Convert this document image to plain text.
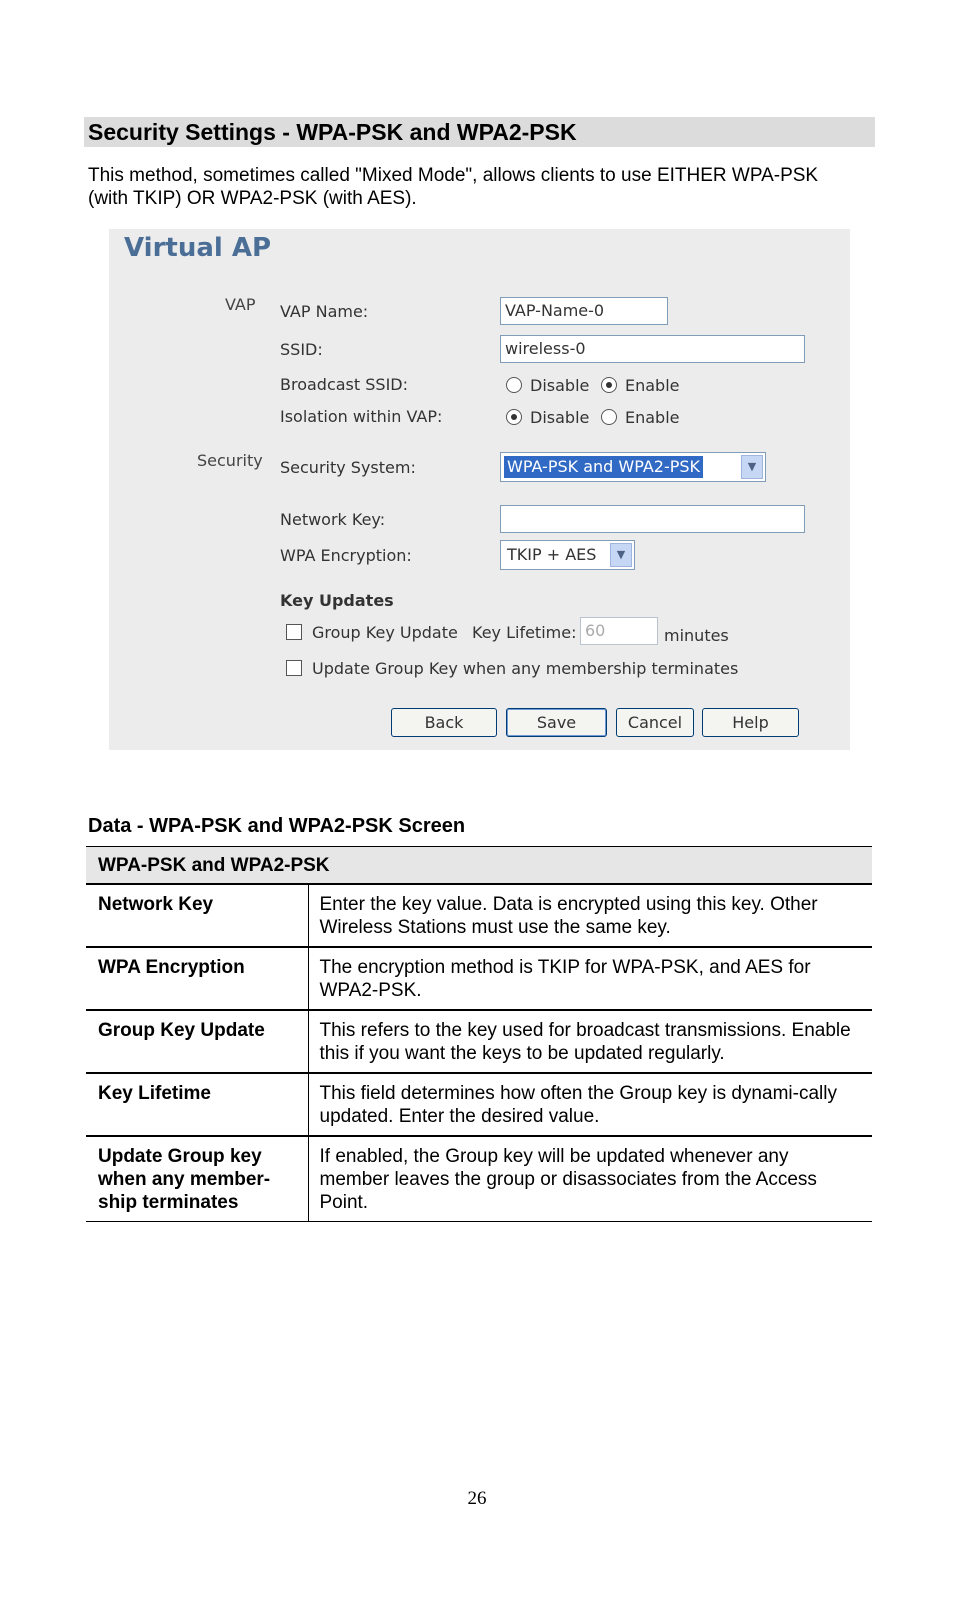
Security Settings - WPA-PSK and WPA2-PSK
This method, sometimes called "Mixed Mode", allows clients to use EITHER WPA-PSK (with TKIP) OR WPA2-PSK (with AES).
Virtual AP
VAP VAP Name:	VAP-Name-0
SSID:	wireless-0
Broadcast SSID:	Disable	Enable
Isolation within VAP:	Disable	Enable
Security Security System:	WPA-PSK and WPA2-PSK	▼
Network Key:
WPA Encryption:	TKIP + AES	▼
Key Updates
Group Key Update Key Lifetime: 60	minutes
Update Group Key when any membership terminates
Back	Save	Cancel	Help
Data - WPA-PSK and WPA2-PSK Screen
WPA-PSK and WPA2-PSK	
Network Key	Enter the key value. Data is encrypted using this key. Other Wireless Stations must use the same key.
WPA Encryption	The encryption method is TKIP for WPA-PSK, and AES for WPA2-PSK.
Group Key Update	This refers to the key used for broadcast transmissions. Enable this if you want the keys to be updated regularly.
Key Lifetime	This field determines how often the Group key is dynami-cally updated. Enter the desired value.
Update Group key when any member-ship terminates	If enabled, the Group key will be updated whenever any member leaves the group or disassociates from the Access Point.
26
